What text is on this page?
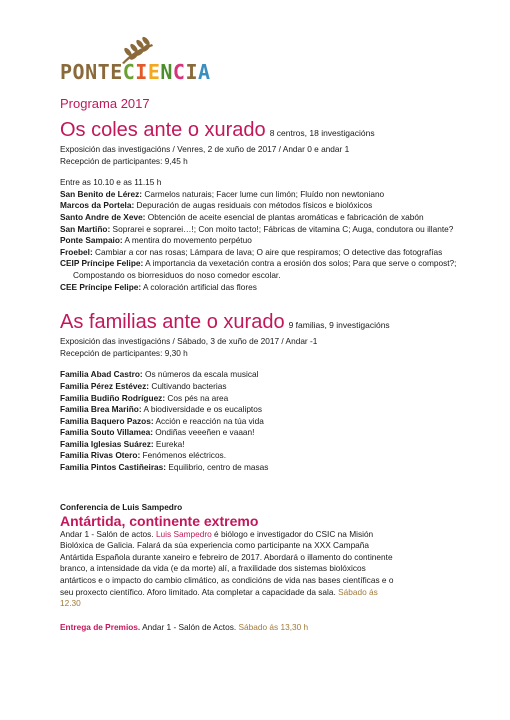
PONTECIENCIA

Programa 2017

Os coles ante o xurado 8 centros, 18 investigacións

Exposición das investigacións / Venres, 2 de xuño de 2017 / Andar 0 e andar 1

Recepción de participantes: 9,45 h

Entre as 10.10 e as 11.15 h

San Benito de Lérez: Carmelos naturais; Facer lume cun limón; Fluído non newtoniano

Marcos da Portela: Depuración de augas residuais con métodos físicos e biolóxicos

Santo Andre de Xeve: Obtención de aceite esencial de plantas aromáticas e fabricación de xabón

San Martiño: Soprarei e soprarei…!; Con moito tacto!; Fábricas de vitamina C; Auga, condutora ou illante?

Ponte Sampaio: A mentira do movemento perpétuo

Froebel: Cambiar a cor nas rosas; Lámpara de lava; O aire que respiramos; O detective das fotografías

CEIP Príncipe Felipe: A importancia da vexetación contra a erosión dos solos; Para que serve o compost?;

Compostando os biorresiduos do noso comedor escolar.

CEE Príncipe Felipe: A coloración artificial das flores

As familias ante o xurado 9 familias, 9 investigacións

Exposición das investigacións / Sábado, 3 de xuño de 2017 / Andar -1

Recepción de participantes: 9,30 h

Familia Abad Castro: Os números da escala musical

Familia Pérez Estévez: Cultivando bacterias

Familia Budiño Rodríguez: Cos pés na area

Familia Brea Mariño: A biodiversidade e os eucaliptos

Familia Baquero Pazos: Acción e reacción na túa vida

Familia Souto Villamea: Ondiñas veeeñen e vaaan!

Familia Iglesias Suárez: Eureka!

Familia Rivas Otero: Fenómenos eléctricos.

Familia Pintos Castiñeiras: Equilibrio, centro de masas

Conferencia de Luis Sampedro

Antártida, continente extremo

Andar 1 - Salón de actos. Luis Sampedro é biólogo e investigador do CSIC na Misión Biolóxica de Galicia. Falará da súa experiencia como participante na XXX Campaña Antártida Española durante xaneiro e febreiro de 2017. Abordará o illamento do continente branco, a intensidade da vida (e da morte) alí, a fraxilidade dos sistemas biolóxicos antárticos e o impacto do cambio climático, as condicións de vida nas bases científicas e o seu proxecto científico. Aforo limitado. Ata completar a capacidade da sala. Sábado ás 12.30

Entrega de Premios. Andar 1 - Salón de Actos. Sábado ás 13,30 h
